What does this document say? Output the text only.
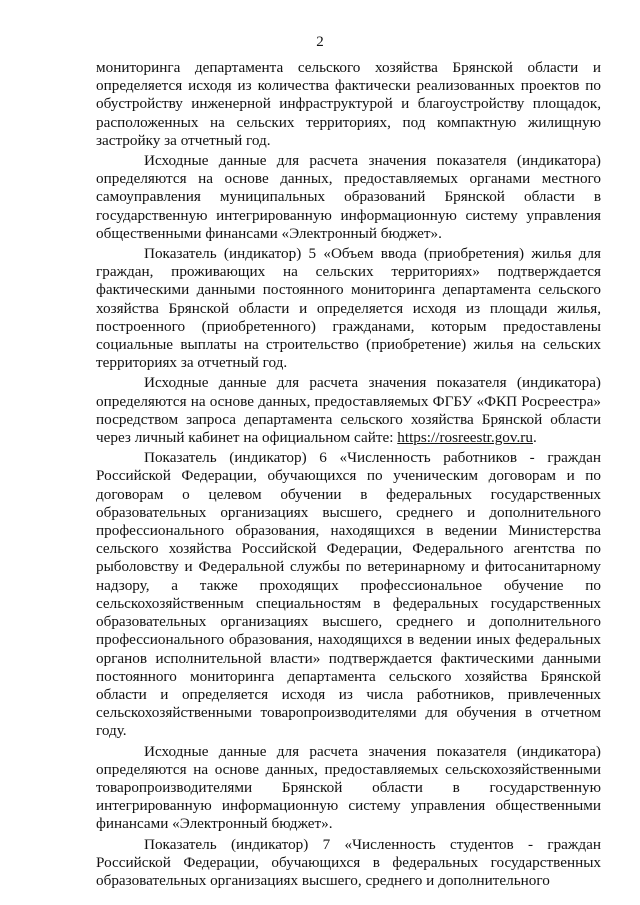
2

мониторинга департамента сельского хозяйства Брянской области и определяется исходя из количества фактически реализованных проектов по обустройству инженерной инфраструктурой и благоустройству площадок, расположенных на сельских территориях, под компактную жилищную застройку за отчетный год.

Исходные данные для расчета значения показателя (индикатора) определяются на основе данных, предоставляемых органами местного самоуправления муниципальных образований Брянской области в государственную интегрированную информационную систему управления общественными финансами «Электронный бюджет».

Показатель (индикатор) 5 «Объем ввода (приобретения) жилья для граждан, проживающих на сельских территориях» подтверждается фактическими данными постоянного мониторинга департамента сельского хозяйства Брянской области и определяется исходя из площади жилья, построенного (приобретенного) гражданами, которым предоставлены социальные выплаты на строительство (приобретение) жилья на сельских территориях за отчетный год.

Исходные данные для расчета значения показателя (индикатора) определяются на основе данных, предоставляемых ФГБУ «ФКП Росреестра» посредством запроса департамента сельского хозяйства Брянской области через личный кабинет на официальном сайте: https://rosreestr.gov.ru.

Показатель (индикатор) 6 «Численность работников - граждан Российской Федерации, обучающихся по ученическим договорам и по договорам о целевом обучении в федеральных государственных образовательных организациях высшего, среднего и дополнительного профессионального образования, находящихся в ведении Министерства сельского хозяйства Российской Федерации, Федерального агентства по рыболовству и Федеральной службы по ветеринарному и фитосанитарному надзору, а также проходящих профессиональное обучение по сельскохозяйственным специальностям в федеральных государственных образовательных организациях высшего, среднего и дополнительного профессионального образования, находящихся в ведении иных федеральных органов исполнительной власти» подтверждается фактическими данными постоянного мониторинга департамента сельского хозяйства Брянской области и определяется исходя из числа работников, привлеченных сельскохозяйственными товаропроизводителями для обучения в отчетном году.

Исходные данные для расчета значения показателя (индикатора) определяются на основе данных, предоставляемых сельскохозяйственными товаропроизводителями Брянской области в государственную интегрированную информационную систему управления общественными финансами «Электронный бюджет».

Показатель (индикатор) 7 «Численность студентов - граждан Российской Федерации, обучающихся в федеральных государственных образовательных организациях высшего, среднего и дополнительного
